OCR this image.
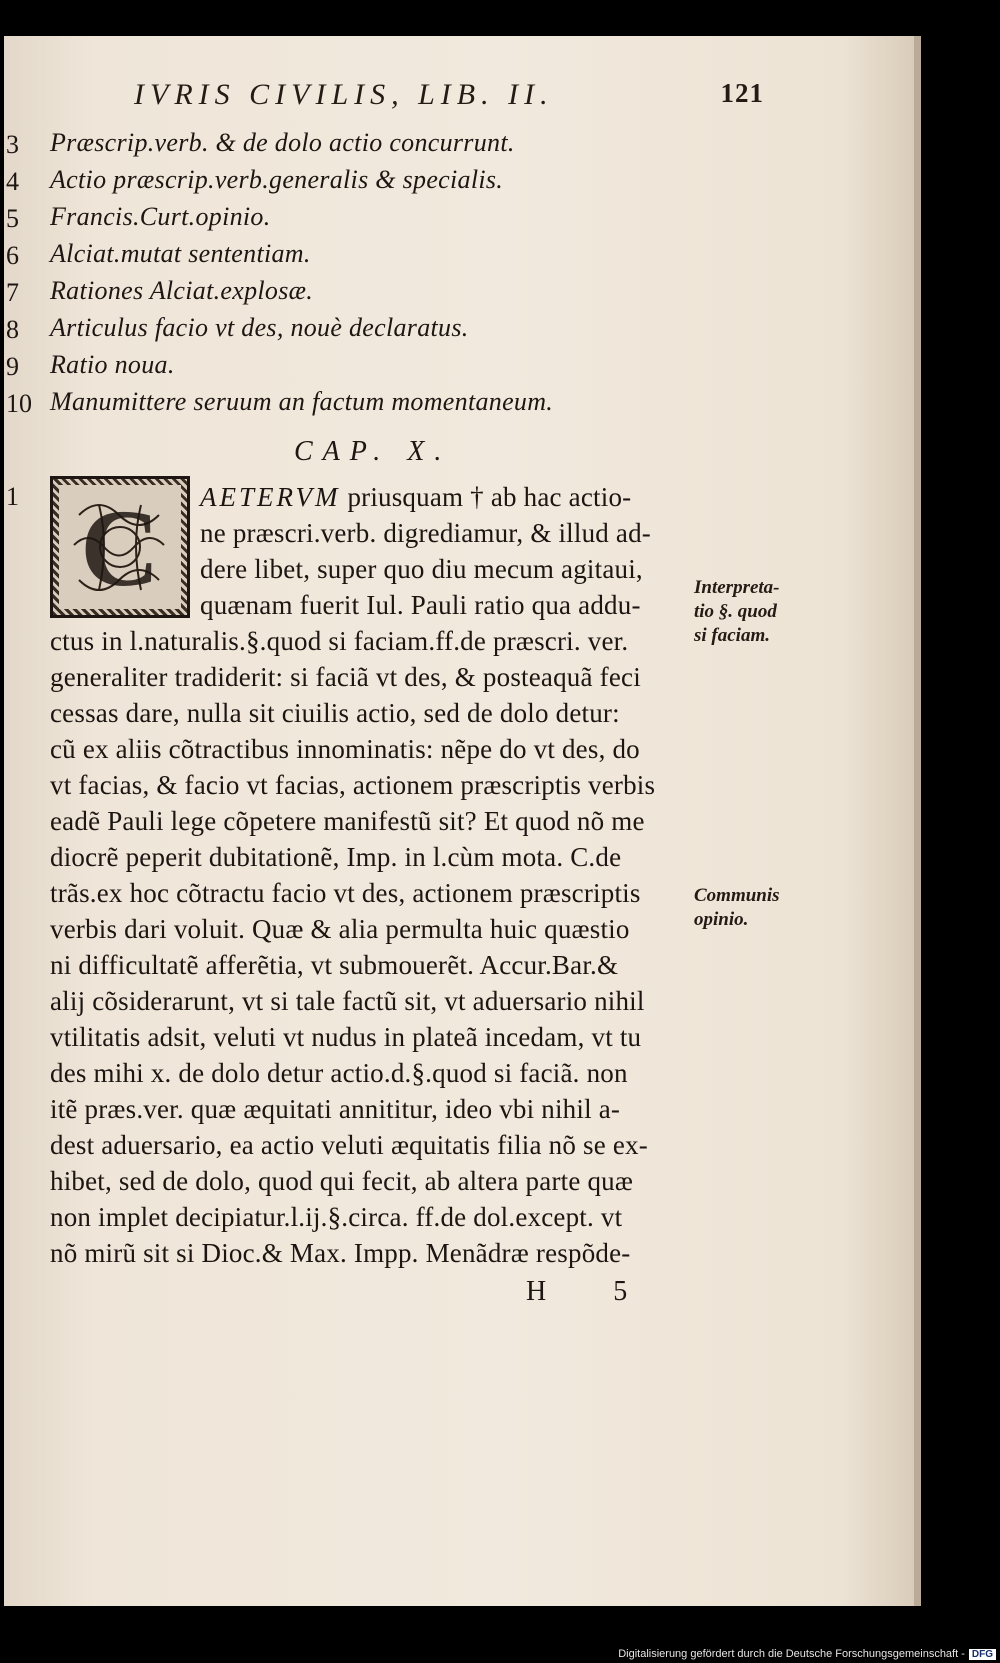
IVRIS CIVILIS, LIB. II.	121
3	Præscrip.verb. & de dolo actio concurrunt.
4	Actio præscrip.verb.generalis & specialis.
5	Francis.Curt.opinio.
6	Alciat.mutat sententiam.
7	Rationes Alciat.explosæ.
8	Articulus facio vt des, nouè declaratus.
9	Ratio noua.
10 Manumittere seruum an factum momentaneum.
CAP. X.
1 C AETERVM priusquam † ab hac actio-
ne præscri.verb. digrediamur, & illud ad-
dere libet, super quo diu mecum agitaui,
quænam fuerit Iul. Pauli ratio qua addu-
ctus in l.naturalis.§.quod si faciam.ff.de præscri. ver.
generaliter tradiderit: si faciã vt des, & posteaquã feci
cessas dare, nulla sit ciuilis actio, sed de dolo detur:
cũ ex aliis cõtractibus innominatis: nẽpe do vt des, do
vt facias, & facio vt facias, actionem præscriptis verbis
eadẽ Pauli lege cõpetere manifestũ sit? Et quod nõ me
diocrẽ peperit dubitationẽ, Imp. in l.cùm mota. C.de
trãs.ex hoc cõtractu facio vt des, actionem præscriptis
verbis dari voluit. Quæ & alia permulta huic quæstio
ni difficultatẽ afferẽtia, vt submouerẽt. Accur.Bar.&
alij cõsiderarunt, vt si tale factũ sit, vt aduersario nihil
vtilitatis adsit, veluti vt nudus in plateã incedam, vt tu
des mihi x. de dolo detur actio.d.§.quod si faciã. non
itẽ præs.ver. quæ æquitati annititur, ideo vbi nihil a-
dest aduersario, ea actio veluti æquitatis filia nõ se ex-
hibet, sed de dolo, quod qui fecit, ab altera parte quæ
non implet decipiatur.l.ij.§.circa. ff.de dol.except. vt
nõ mirũ sit si Dioc.& Max. Impp. Menãdræ respõde-
Interpreta-
tio §. quod
si faciam.
Communis
opinio.
H 5
Digitalisierung gefördert durch die Deutsche Forschungsgemeinschaft - DFG
